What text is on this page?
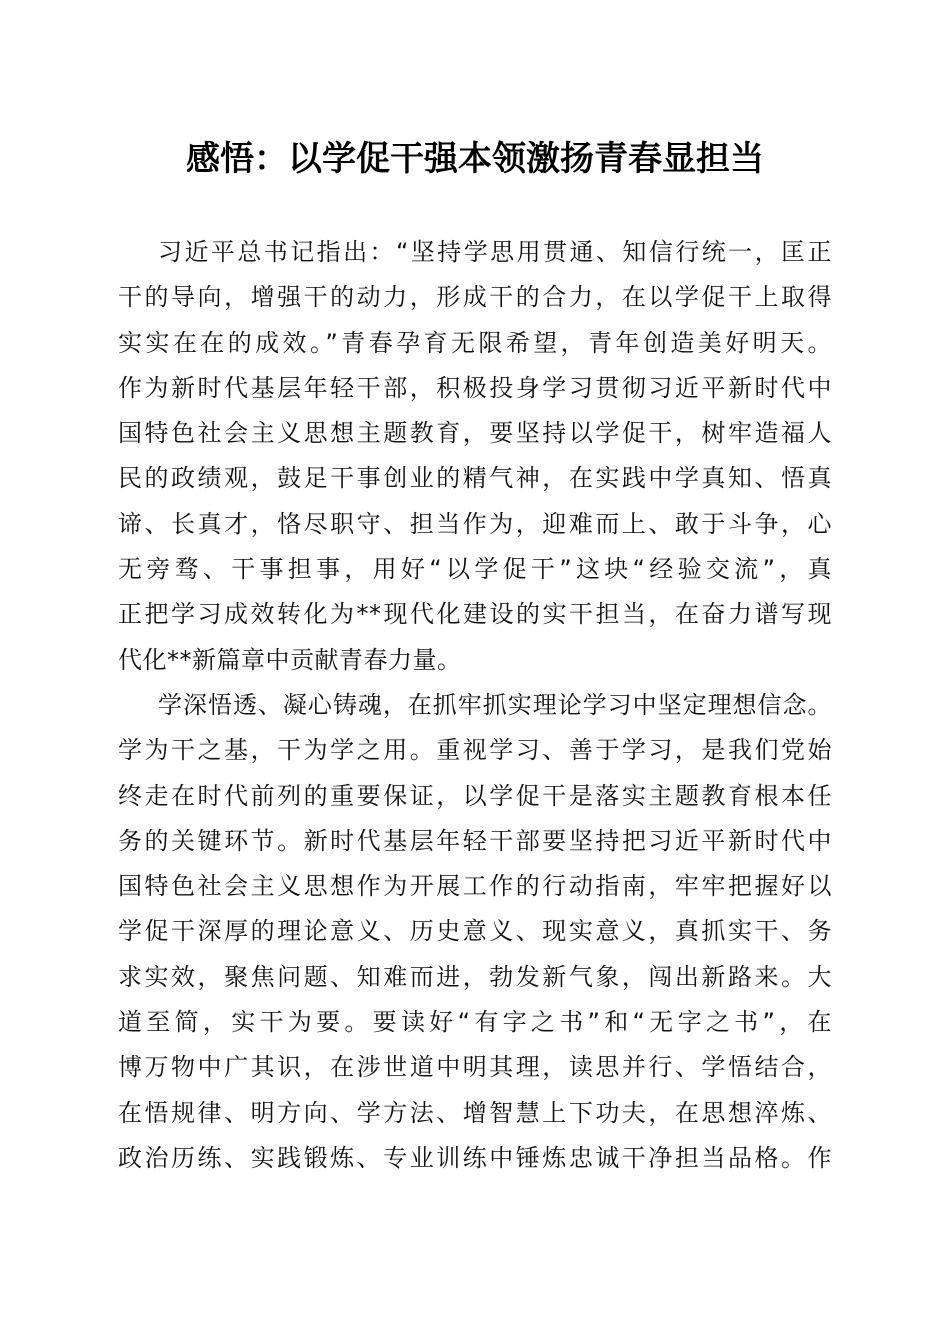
感悟：以学促干强本领激扬青春显担当
习近平总书记指出：“坚持学思用贯通、知信行统一，匡正
干的导向，增强干的动力，形成干的合力，在以学促干上取得
实实在在的成效。”青春孕育无限希望，青年创造美好明天。
作为新时代基层年轻干部，积极投身学习贯彻习近平新时代中
国特色社会主义思想主题教育，要坚持以学促干，树牢造福人
民的政绩观，鼓足干事创业的精气神，在实践中学真知、悟真
谛、长真才，恪尽职守、担当作为，迎难而上、敢于斗争，心
无旁骛、干事担事，用好“以学促干”这块“经验交流”，真
正把学习成效转化为**现代化建设的实干担当，在奋力谱写现
代化**新篇章中贡献青春力量。
学深悟透、凝心铸魂，在抓牢抓实理论学习中坚定理想信念。
学为干之基，干为学之用。重视学习、善于学习，是我们党始
终走在时代前列的重要保证，以学促干是落实主题教育根本任
务的关键环节。新时代基层年轻干部要坚持把习近平新时代中
国特色社会主义思想作为开展工作的行动指南，牢牢把握好以
学促干深厚的理论意义、历史意义、现实意义，真抓实干、务
求实效，聚焦问题、知难而进，勃发新气象，闯出新路来。大
道至简，实干为要。要读好“有字之书”和“无字之书”，在
博万物中广其识，在涉世道中明其理，读思并行、学悟结合，
在悟规律、明方向、学方法、增智慧上下功夫，在思想淬炼、
政治历练、实践锻炼、专业训练中锤炼忠诚干净担当品格。作
